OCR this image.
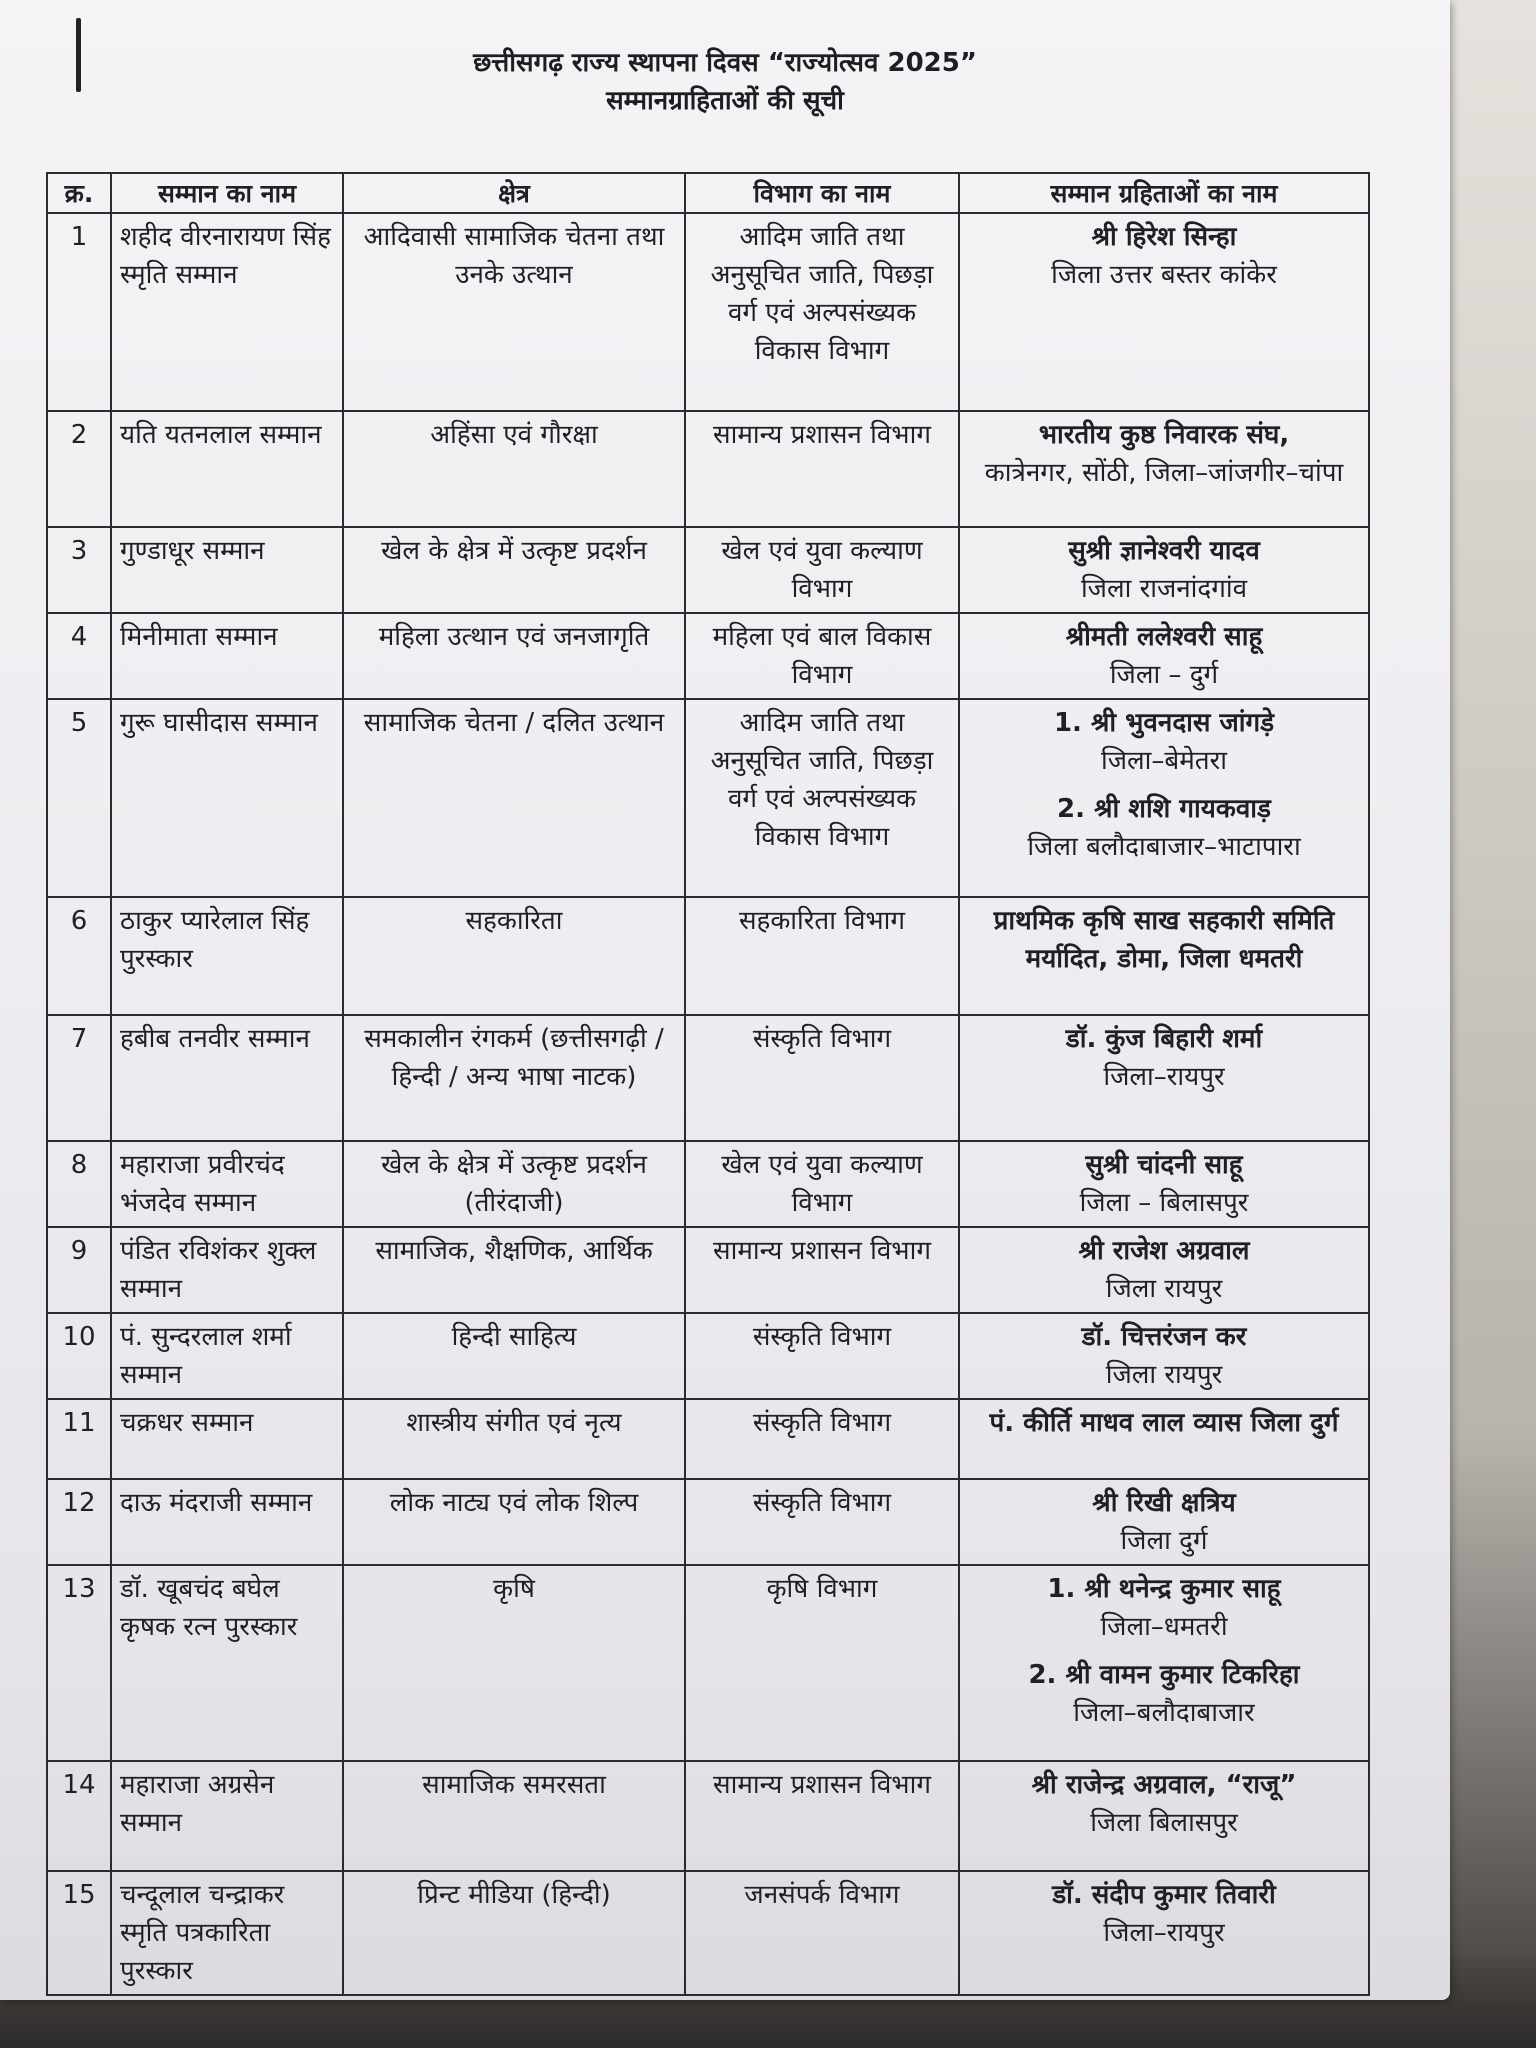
छत्तीसगढ़ राज्य स्थापना दिवस “राज्योत्सव 2025”
सम्मानग्राहिताओं की सूची
क्र.	सम्मान का नाम	क्षेत्र	विभाग का नाम	सम्मान ग्रहिताओं का नाम
1	शहीद वीरनारायण सिंह स्मृति सम्मान	आदिवासी सामाजिक चेतना तथा उनके उत्थान	आदिम जाति तथा अनुसूचित जाति, पिछड़ा वर्ग एवं अल्पसंख्यक विकास विभाग	श्री हिरेश सिन्हा
जिला उत्तर बस्तर कांकेर

2	यति यतनलाल सम्मान	अहिंसा एवं गौरक्षा	सामान्य प्रशासन विभाग	भारतीय कुष्ठ निवारक संघ,
कात्रेनगर, सोंठी, जिला–जांजगीर–चांपा

3	गुण्डाधूर सम्मान	खेल के क्षेत्र में उत्कृष्ट प्रदर्शन	खेल एवं युवा कल्याण विभाग	सुश्री ज्ञानेश्वरी यादव
जिला राजनांदगांव

4	मिनीमाता सम्मान	महिला उत्थान एवं जनजागृति	महिला एवं बाल विकास विभाग	श्रीमती ललेश्वरी साहू
जिला – दुर्ग

5	गुरू घासीदास सम्मान	सामाजिक चेतना / दलित उत्थान	आदिम जाति तथा अनुसूचित जाति, पिछड़ा वर्ग एवं अल्पसंख्यक विकास विभाग	1. श्री भुवनदास जांगड़े
जिला–बेमेतरा
2. श्री शशि गायकवाड़
जिला बलौदाबाजार–भाटापारा

6	ठाकुर प्यारेलाल सिंह पुरस्कार	सहकारिता	सहकारिता विभाग	प्राथमिक कृषि साख सहकारी समिति मर्यादित, डोमा, जिला धमतरी

7	हबीब तनवीर सम्मान	समकालीन रंगकर्म (छत्तीसगढ़ी / हिन्दी / अन्य भाषा नाटक)	संस्कृति विभाग	डॉ. कुंज बिहारी शर्मा
जिला–रायपुर

8	महाराजा प्रवीरचंद भंजदेव सम्मान	खेल के क्षेत्र में उत्कृष्ट प्रदर्शन (तीरंदाजी)	खेल एवं युवा कल्याण विभाग	सुश्री चांदनी साहू
जिला – बिलासपुर

9	पंडित रविशंकर शुक्ल सम्मान	सामाजिक, शैक्षणिक, आर्थिक	सामान्य प्रशासन विभाग	श्री राजेश अग्रवाल
जिला रायपुर

10	पं. सुन्दरलाल शर्मा सम्मान	हिन्दी साहित्य	संस्कृति विभाग	डॉ. चित्तरंजन कर
जिला रायपुर

11	चक्रधर सम्मान	शास्त्रीय संगीत एवं नृत्य	संस्कृति विभाग	पं. कीर्ति माधव लाल व्यास जिला दुर्ग

12	दाऊ मंदराजी सम्मान	लोक नाट्य एवं लोक शिल्प	संस्कृति विभाग	श्री रिखी क्षत्रिय
जिला दुर्ग

13	डॉ. खूबचंद बघेल कृषक रत्न पुरस्कार	कृषि	कृषि विभाग	1. श्री थनेन्द्र कुमार साहू
जिला–धमतरी
2. श्री वामन कुमार टिकरिहा
जिला–बलौदाबाजार

14	महाराजा अग्रसेन सम्मान	सामाजिक समरसता	सामान्य प्रशासन विभाग	श्री राजेन्द्र अग्रवाल, “राजू”
जिला बिलासपुर

15	चन्दूलाल चन्द्राकर स्मृति पत्रकारिता पुरस्कार	प्रिन्ट मीडिया (हिन्दी)	जनसंपर्क विभाग	डॉ. संदीप कुमार तिवारी
जिला–रायपुर
